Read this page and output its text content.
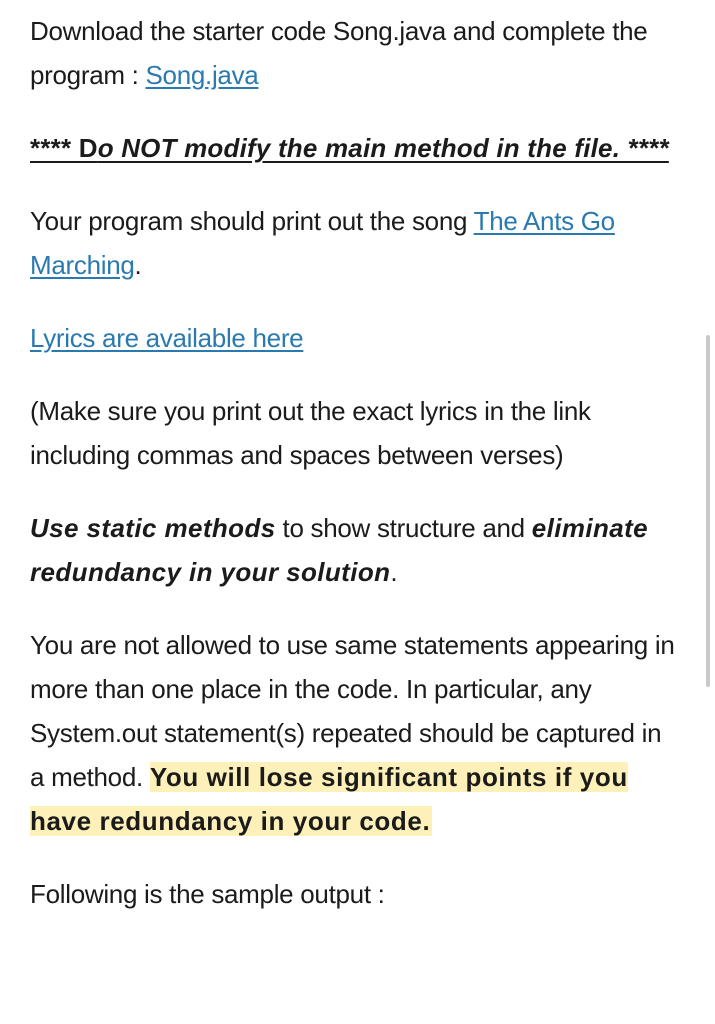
Download the starter code Song.java and complete the program : Song.java

**** Do NOT modify the main method in the file. ****

Your program should print out the song The Ants Go Marching.

Lyrics are available here

(Make sure you print out the exact lyrics in the link including commas and spaces between verses)

Use static methods to show structure and eliminate redundancy in your solution.

You are not allowed to use same statements appearing in more than one place in the code. In particular, any System.out statement(s) repeated should be captured in a method. You will lose significant points if you have redundancy in your code.

Following is the sample output :
